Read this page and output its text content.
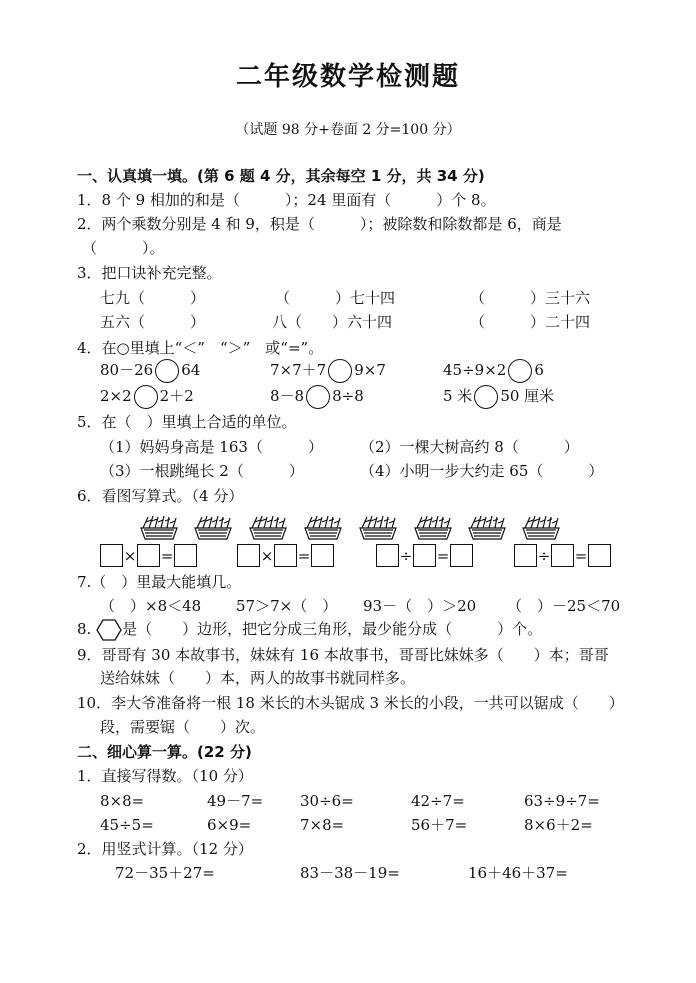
二年级数学检测题
（试题 98 分+卷面 2 分=100 分）
一、认真填一填。(第 6 题 4 分，其余每空 1 分，共 34 分)
1．8 个 9 相加的和是（　　　）；24 里面有（　　　）个 8。
2．两个乘数分别是 4 和 9，积是（　　　）；被除数和除数都是 6，商是
（　　　）。
3．把口诀补充完整。
七九（　　　）	（　　　）七十四	（　　　）三十六
五六（　　　）	八（　　）六十四	（　　　）二十四
4．在○里填上“＜”　“＞”　或“=”。
80－26 64	7×7＋7 9×7	45÷9×2 6
2×2 2＋2	8－8 8÷8	5 米 50 厘米
5．在（　）里填上合适的单位。
（1）妈妈身高是 163（　　　） （2）一棵大树高约 8（　　　）
（3）一根跳绳长 2（　　　）	（4）小明一步大约走 65（　　　）
6．看图写算式。（4 分）
× =	× =	÷ =	÷ =
7.（　）里最大能填几。
（　）×8＜48 57＞7×（　） 93－（　）＞20 （　）－25＜70
8. 是（　　）边形，把它分成三角形，最少能分成（　　　）个。
9．哥哥有 30 本故事书，妹妹有 16 本故事书，哥哥比妹妹多（　　）本；哥哥
送给妹妹（　　）本，两人的故事书就同样多。
10．李大爷准备将一根 18 米长的木头锯成 3 米长的小段，一共可以锯成（　　）
段，需要锯（　　）次。
二、细心算一算。(22 分)
1．直接写得数。（10 分）
8×8=	49－7= 30÷6=	42÷7=	63÷9÷7=
45÷5=	6×9=	7×8=	56＋7=	8×6＋2=
2．用竖式计算。（12 分）
72－35＋27=	83－38－19=	16＋46＋37=
